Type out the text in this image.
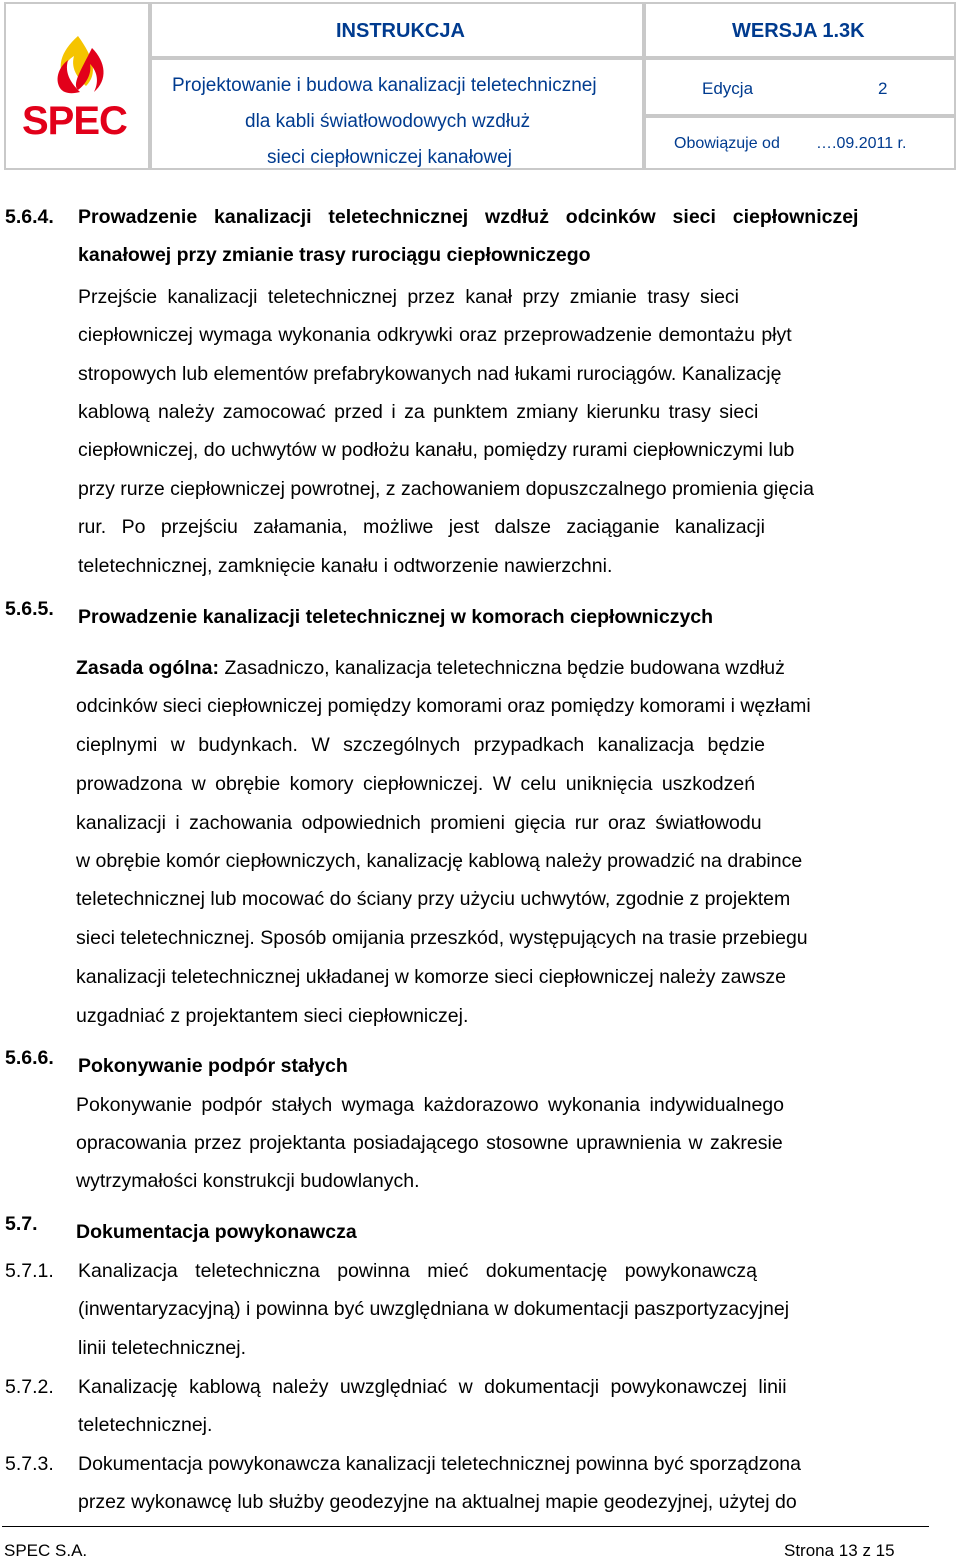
SPEC
INSTRUKCJA	WERSJA 1.3K
Projektowanie i budowa kanalizacji teletechnicznej
dla kabli światłowodowych wzdłuż
sieci ciepłowniczej kanałowej
Edycja	2
Obowiązuje od ….09.2011 r.
5.6.4. Prowadzenie  kanalizacji  teletechnicznej  wzdłuż  odcinków  sieci  ciepłowniczej
kanałowej przy zmianie trasy rurociągu ciepłowniczego
Przejście kanalizacji teletechnicznej przez kanał przy zmianie trasy sieci
ciepłowniczej wymaga wykonania odkrywki oraz przeprowadzenie demontażu płyt
stropowych lub elementów prefabrykowanych nad łukami rurociągów. Kanalizację
kablową należy zamocować przed i za punktem zmiany kierunku trasy sieci
ciepłowniczej, do uchwytów w podłożu kanału, pomiędzy rurami ciepłowniczymi lub
przy rurze ciepłowniczej powrotnej, z zachowaniem dopuszczalnego promienia gięcia
rur. Po przejściu załamania, możliwe jest dalsze zaciąganie kanalizacji
teletechnicznej, zamknięcie kanału i odtworzenie nawierzchni.
5.6.5. Prowadzenie kanalizacji teletechnicznej w komorach ciepłowniczych
Zasada ogólna: Zasadniczo, kanalizacja teletechniczna będzie budowana wzdłuż
odcinków sieci ciepłowniczej pomiędzy komorami oraz pomiędzy komorami i węzłami
cieplnymi w budynkach. W szczególnych przypadkach kanalizacja będzie
prowadzona w obrębie komory ciepłowniczej. W celu uniknięcia uszkodzeń
kanalizacji i zachowania odpowiednich promieni gięcia rur oraz światłowodu
w obrębie komór ciepłowniczych, kanalizację kablową należy prowadzić na drabince
teletechnicznej lub mocować do ściany przy użyciu uchwytów, zgodnie z projektem
sieci teletechnicznej. Sposób omijania przeszkód, występujących na trasie przebiegu
kanalizacji teletechnicznej układanej w komorze sieci ciepłowniczej należy zawsze
uzgadniać z projektantem sieci ciepłowniczej.
5.6.6. Pokonywanie podpór stałych
Pokonywanie podpór stałych wymaga każdorazowo wykonania indywidualnego
opracowania przez projektanta posiadającego stosowne uprawnienia w zakresie
wytrzymałości konstrukcji budowlanych.
5.7. Dokumentacja powykonawcza
5.7.1. Kanalizacja teletechniczna powinna mieć dokumentację powykonawczą
(inwentaryzacyjną) i powinna być uwzględniana w dokumentacji paszportyzacyjnej
linii teletechnicznej.
5.7.2. Kanalizację kablową należy uwzględniać w dokumentacji powykonawczej linii
teletechnicznej.
5.7.3. Dokumentacja powykonawcza kanalizacji teletechnicznej powinna być sporządzona
przez wykonawcę lub służby geodezyjne na aktualnej mapie geodezyjnej, użytej do
SPEC S.A.	Strona 13 z 15
